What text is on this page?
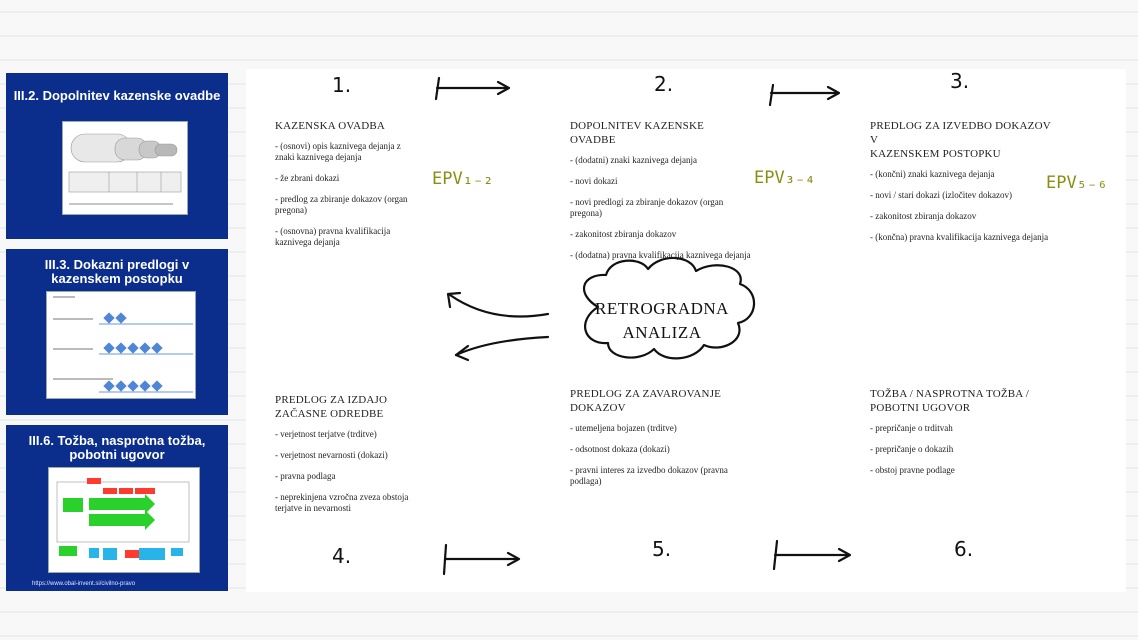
III.2. Dopolnitev kazenske ovadbe
III.3. Dokazni predlogi v
kazenskem postopku
III.6. Tožba, nasprotna tožba,
pobotni ugovor
https://www.obal-invent.si/civilno-pravo
1.	2.	3.
4.	5.	6.
RETROGRADNA
ANALIZA
EPV₁₋₂	EPV₃₋₄	EPV₅₋₆
KAZENSKA OVADBA
- (osnovi) opis kaznivega dejanja z znaki kaznivega dejanja
- že zbrani dokazi
- predlog za zbiranje dokazov (organ pregona)
- (osnovna) pravna kvalifikacija kaznivega dejanja
DOPOLNITEV KAZENSKE OVADBE
- (dodatni) znaki kaznivega dejanja
- novi dokazi
- novi predlogi za zbiranje dokazov (organ pregona)
- zakonitost zbiranja dokazov
- (dodatna) pravna kvalifikacija kaznivega dejanja
PREDLOG ZA IZVEDBO DOKAZOV V
KAZENSKEM POSTOPKU
- (končni) znaki kaznivega dejanja
- novi / stari dokazi (izločitev dokazov)
- zakonitost zbiranja dokazov
- (končna) pravna kvalifikacija kaznivega dejanja
PREDLOG ZA IZDAJO
ZAČASNE ODREDBE
- verjetnost terjatve (trditve)
- verjetnost nevarnosti (dokazi)
- pravna podlaga
- neprekinjena vzročna zveza obstoja terjatve in nevarnosti
PREDLOG ZA ZAVAROVANJE
DOKAZOV
- utemeljena bojazen (trditve)
- odsotnost dokaza (dokazi)
- pravni interes za izvedbo dokazov (pravna podlaga)
TOŽBA / NASPROTNA TOŽBA /
POBOTNI UGOVOR
- prepričanje o trditvah
- prepričanje o dokazih
- obstoj pravne podlage
